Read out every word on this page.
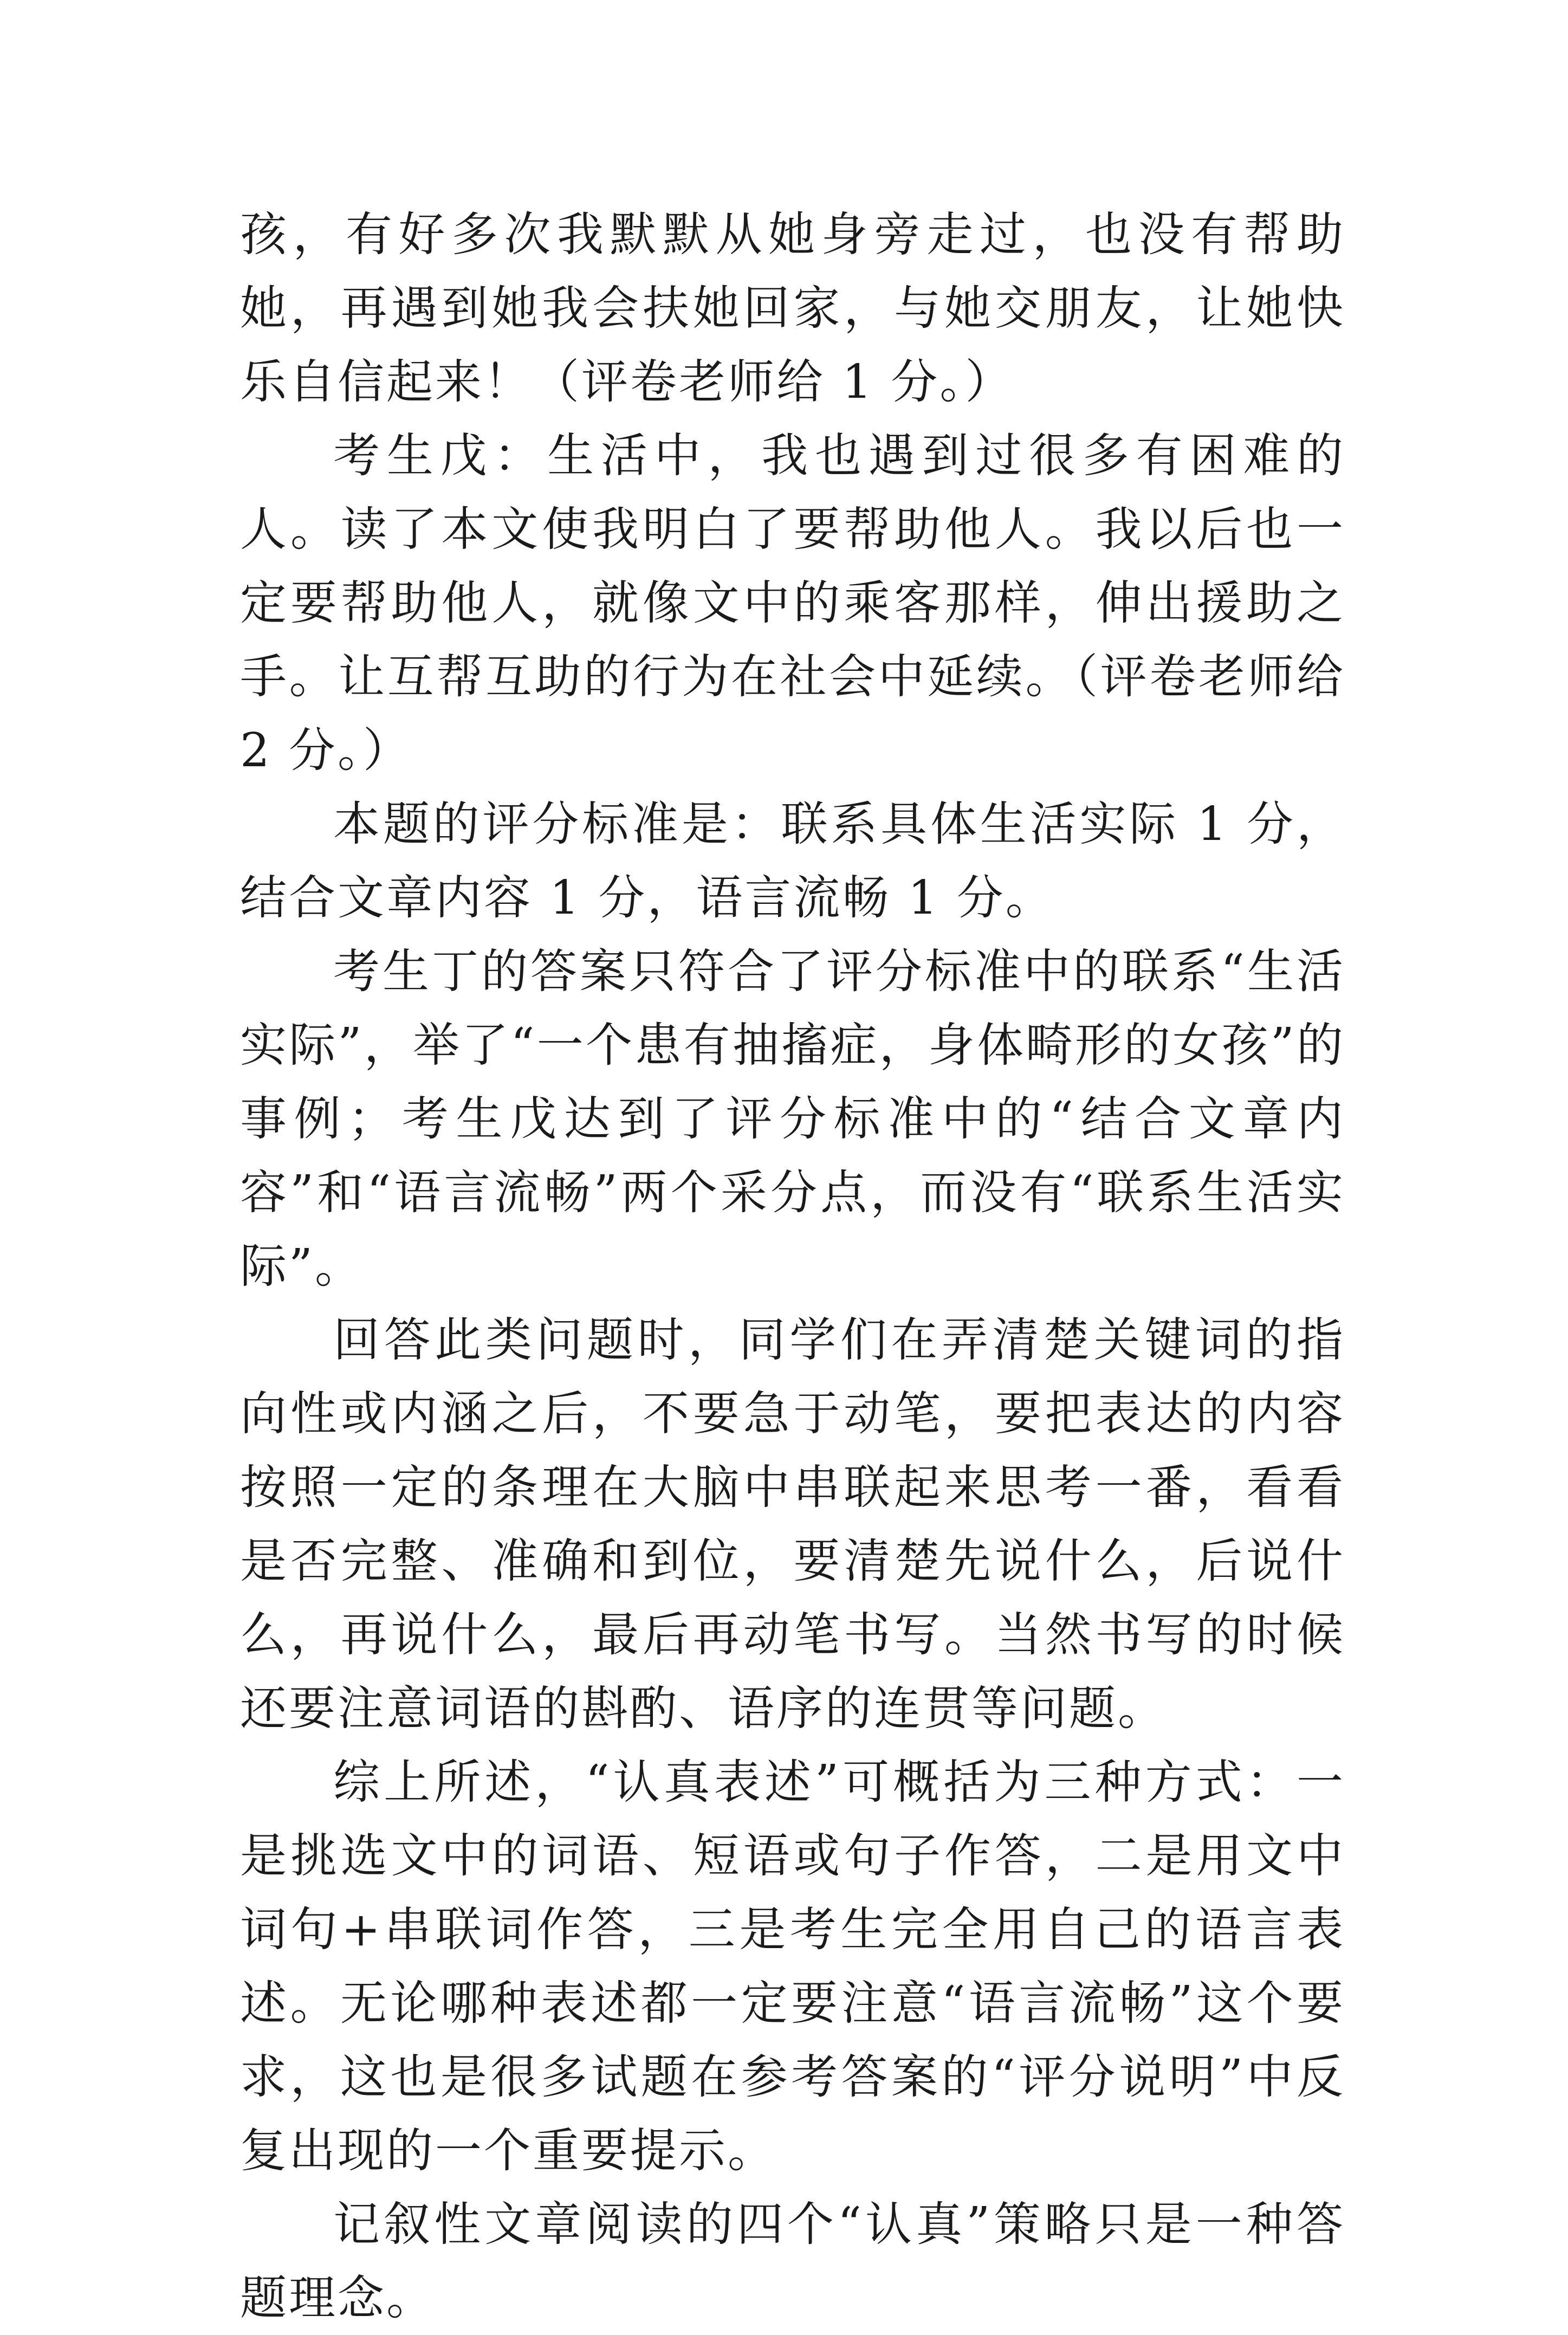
孩，有好多次我默默从她身旁走过，也没有帮助她，再遇到她我会扶她回家，与她交朋友，让她快乐自信起来！（评卷老师给 1 分。）

考生戊：生活中，我也遇到过很多有困难的人。读了本文使我明白了要帮助他人。我以后也一定要帮助他人，就像文中的乘客那样，伸出援助之手。让互帮互助的行为在社会中延续。（评卷老师给 2 分。）

本题的评分标准是：联系具体生活实际 1 分，结合文章内容 1 分，语言流畅 1 分。

考生丁的答案只符合了评分标准中的联系“生活实际”，举了“一个患有抽搐症，身体畸形的女孩”的事例；考生戊达到了评分标准中的“结合文章内容”和“语言流畅”两个采分点，而没有“联系生活实际”。

回答此类问题时，同学们在弄清楚关键词的指向性或内涵之后，不要急于动笔，要把表达的内容按照一定的条理在大脑中串联起来思考一番，看看是否完整、准确和到位，要清楚先说什么，后说什么，再说什么，最后再动笔书写。当然书写的时候还要注意词语的斟酌、语序的连贯等问题。

综上所述，“认真表述”可概括为三种方式：一是挑选文中的词语、短语或句子作答，二是用文中词句+串联词作答，三是考生完全用自己的语言表述。无论哪种表述都一定要注意“语言流畅”这个要求，这也是很多试题在参考答案的“评分说明”中反复出现的一个重要提示。

记叙性文章阅读的四个“认真”策略只是一种答题理念。
